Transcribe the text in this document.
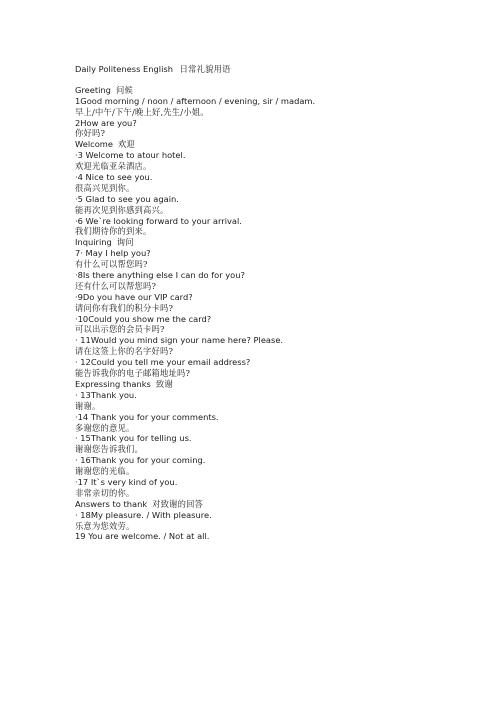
Daily Politeness English 日常礼貌用语
Greeting 问候
1Good morning / noon / afternoon / evening, sir / madam.
早上/中午/下午/晚上好,先生/小姐。
2How are you?
你好吗?
Welcome 欢迎
·3 Welcome to atour hotel.
欢迎光临亚朵酒店。
·4 Nice to see you.
很高兴见到你。
·5 Glad to see you again.
能再次见到你感到高兴。
·6 We`re looking forward to your arrival.
我们期待你的到来。
Inquiring 询问
7· May I help you?
有什么可以帮您吗?
·8Is there anything else I can do for you?
还有什么可以帮您吗?
·9Do you have our VIP card?
请问你有我们的积分卡吗?
·10Could you show me the card?
可以出示您的会员卡吗?
· 11Would you mind sign your name here? Please.
请在这签上你的名字好吗?
· 12Could you tell me your email address?
能告诉我你的电子邮箱地址吗?
Expressing thanks 致谢
· 13Thank you.
谢谢。
·14 Thank you for your comments.
多谢您的意见。
· 15Thank you for telling us.
谢谢您告诉我们。
· 16Thank you for your coming.
谢谢您的光临。
·17 It`s very kind of you.
非常亲切的你。
Answers to thank 对致谢的回答
· 18My pleasure. / With pleasure.
乐意为您效劳。
19 You are welcome. / Not at all.
